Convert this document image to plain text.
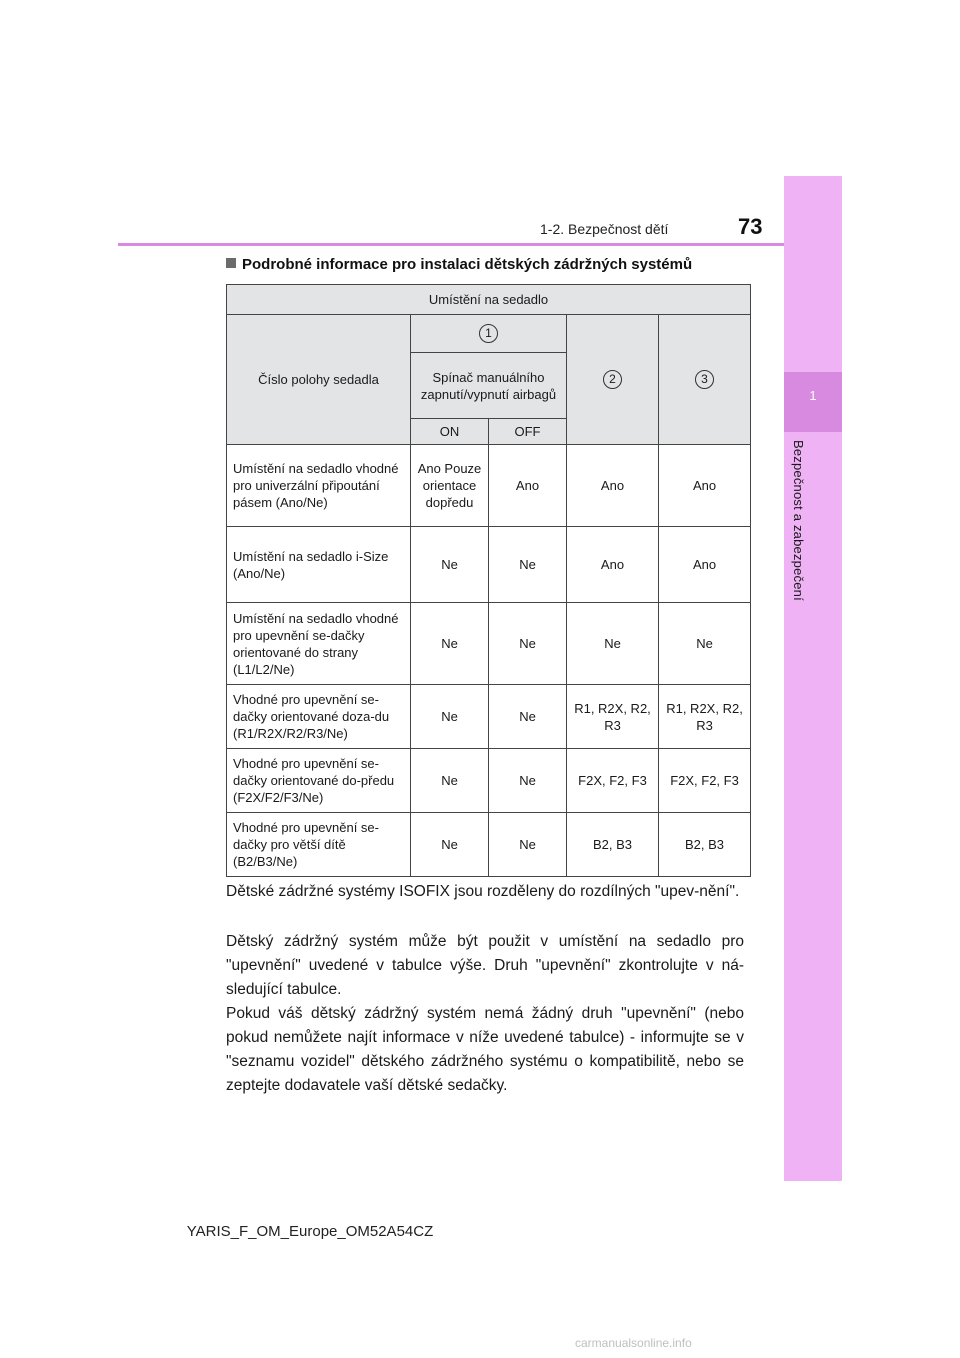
1
Bezpečnost a zabezpečení
1-2. Bezpečnost dětí	73
Podrobné informace pro instalaci dětských zádržných systémů
Umístění na sedadlo				
Číslo polohy sedadla	1		2	3
	Spínač manuálního zapnutí/vypnutí airbagů			
	ON	OFF		
Umístění na sedadlo vhodné pro univerzální připoutání pásem (Ano/Ne)	Ano Pouze orientace dopředu	Ano	Ano	Ano
Umístění na sedadlo i-Size (Ano/Ne)	Ne	Ne	Ano	Ano
Umístění na sedadlo vhodné pro upevnění se-dačky orientované do strany (L1/L2/Ne)	Ne	Ne	Ne	Ne
Vhodné pro upevnění se-dačky orientované doza-du (R1/R2X/R2/R3/Ne)	Ne	Ne	R1, R2X, R2, R3	R1, R2X, R2, R3
Vhodné pro upevnění se-dačky orientované do-předu (F2X/F2/F3/Ne)	Ne	Ne	F2X, F2, F3	F2X, F2, F3
Vhodné pro upevnění se-dačky pro větší dítě (B2/B3/Ne)	Ne	Ne	B2, B3	B2, B3

Dětské zádržné systémy ISOFIX jsou rozděleny do rozdílných "upev-nění".

Dětský zádržný systém může být použit v umístění na sedadlo pro "upevnění" uvedené v tabulce výše. Druh "upevnění" zkontrolujte v ná-sledující tabulce.

Pokud váš dětský zádržný systém nemá žádný druh "upevnění" (nebo pokud nemůžete najít informace v níže uvedené tabulce) - informujte se v "seznamu vozidel" dětského zádržného systému o kompatibilitě, nebo se zeptejte dodavatele vaší dětské sedačky.

YARIS_F_OM_Europe_OM52A54CZ
carmanualsonline.info
